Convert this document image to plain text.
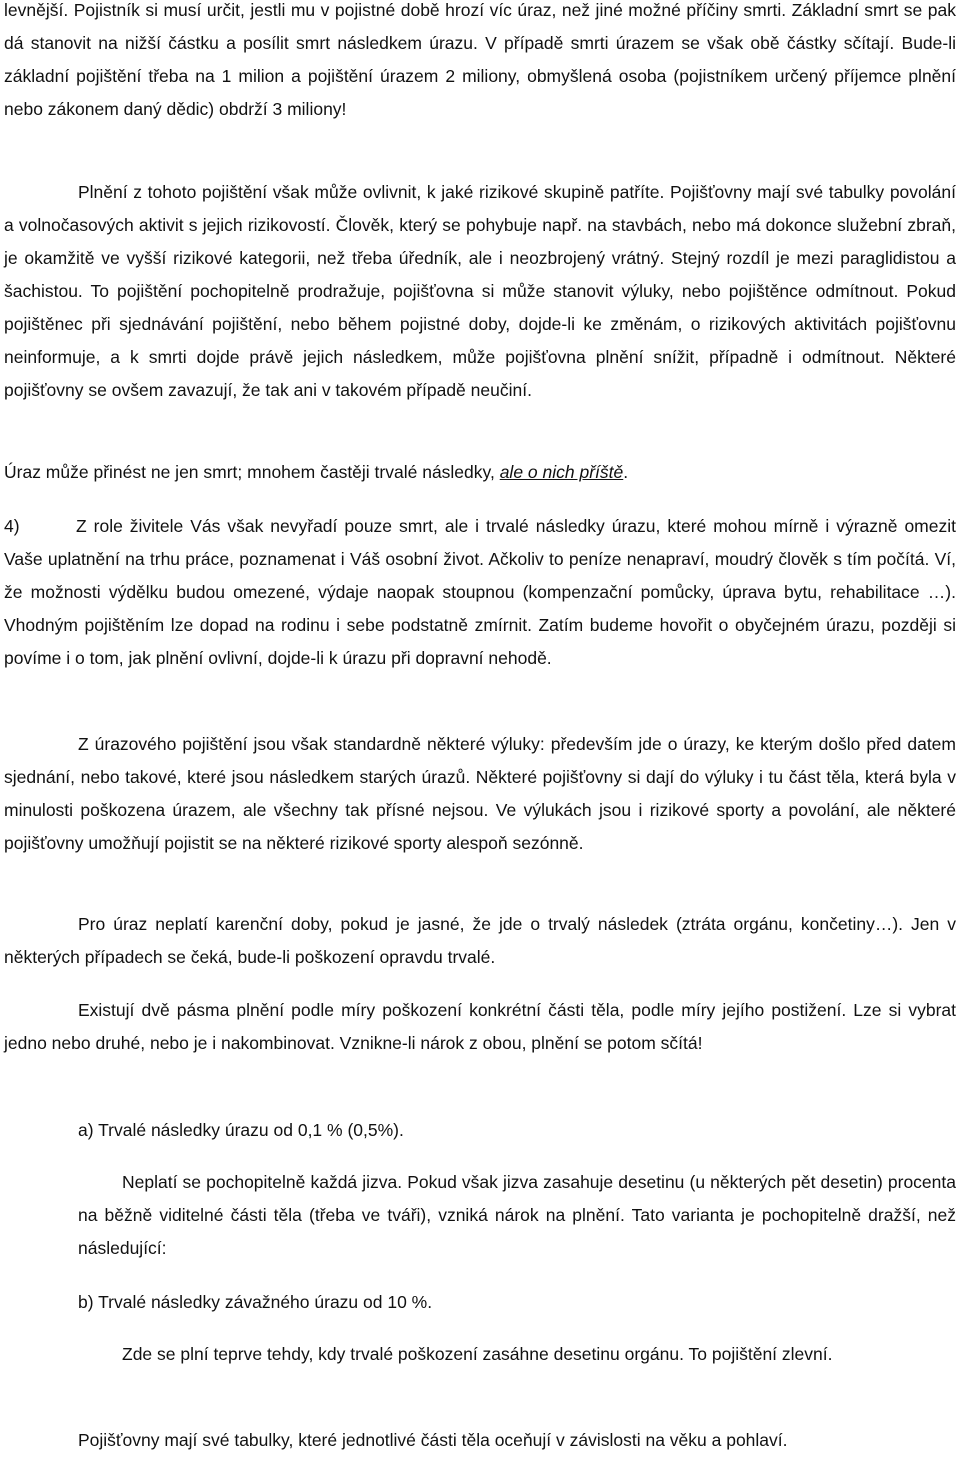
levnější. Pojistník si musí určit, jestli mu v pojistné době hrozí víc úraz, než jiné možné příčiny smrti. Základní smrt se pak dá stanovit na nižší částku a posílit smrt následkem úrazu. V případě smrti úrazem se však obě částky sčítají. Bude-li základní pojištění třeba na 1 milion a pojištění úrazem 2 miliony, obmyšlená osoba (pojistníkem určený příjemce plnění nebo zákonem daný dědic) obdrží 3 miliony!

Plnění z tohoto pojištění však může ovlivnit, k jaké rizikové skupině patříte. Pojišťovny mají své tabulky povolání a volnočasových aktivit s jejich rizikovostí. Člověk, který se pohybuje např. na stavbách, nebo má dokonce služební zbraň, je okamžitě ve vyšší rizikové kategorii, než třeba úředník, ale i neozbrojený vrátný. Stejný rozdíl je mezi paraglidistou a šachistou. To pojištění pochopitelně prodražuje, pojišťovna si může stanovit výluky, nebo pojištěnce odmítnout. Pokud pojištěnec při sjednávání pojištění, nebo během pojistné doby, dojde-li ke změnám, o rizikových aktivitách pojišťovnu neinformuje, a k smrti dojde právě jejich následkem, může pojišťovna plnění snížit, případně i odmítnout. Některé pojišťovny se ovšem zavazují, že tak ani v takovém případě neučiní.

Úraz může přinést ne jen smrt; mnohem častěji trvalé následky, ale o nich příště.

4)	Z role živitele Vás však nevyřadí pouze smrt, ale i trvalé následky úrazu, které mohou mírně i výrazně omezit Vaše uplatnění na trhu práce, poznamenat i Váš osobní život. Ačkoliv to peníze nenapraví, moudrý člověk s tím počítá. Ví, že možnosti výdělku budou omezené, výdaje naopak stoupnou (kompenzační pomůcky, úprava bytu, rehabilitace …). Vhodným pojištěním lze dopad na rodinu i sebe podstatně zmírnit. Zatím budeme hovořit o obyčejném úrazu, později si povíme i o tom, jak plnění ovlivní, dojde-li k úrazu při dopravní nehodě.

Z úrazového pojištění jsou však standardně některé výluky: především jde o úrazy, ke kterým došlo před datem sjednání, nebo takové, které jsou následkem starých úrazů. Některé pojišťovny si dají do výluky i tu část těla, která byla v minulosti poškozena úrazem, ale všechny tak přísné nejsou. Ve výlukách jsou i rizikové sporty a povolání, ale některé pojišťovny umožňují pojistit se na některé rizikové sporty alespoň sezónně.

Pro úraz neplatí karenční doby, pokud je jasné, že jde o trvalý následek (ztráta orgánu, končetiny…). Jen v některých případech se čeká, bude-li poškození opravdu trvalé.

Existují dvě pásma plnění podle míry poškození konkrétní části těla, podle míry jejího postižení. Lze si vybrat jedno nebo druhé, nebo je i nakombinovat. Vznikne-li nárok z obou, plnění se potom sčítá!

a) Trvalé následky úrazu od 0,1 % (0,5%).

Neplatí se pochopitelně každá jizva. Pokud však jizva zasahuje desetinu (u některých pět desetin) procenta na běžně viditelné části těla (třeba ve tváři), vzniká nárok na plnění. Tato varianta je pochopitelně dražší, než následující:

b) Trvalé následky závažného úrazu od 10 %.

Zde se plní teprve tehdy, kdy trvalé poškození zasáhne desetinu orgánu. To pojištění zlevní.

Pojišťovny mají své tabulky, které jednotlivé části těla oceňují v závislosti na věku a pohlaví.
